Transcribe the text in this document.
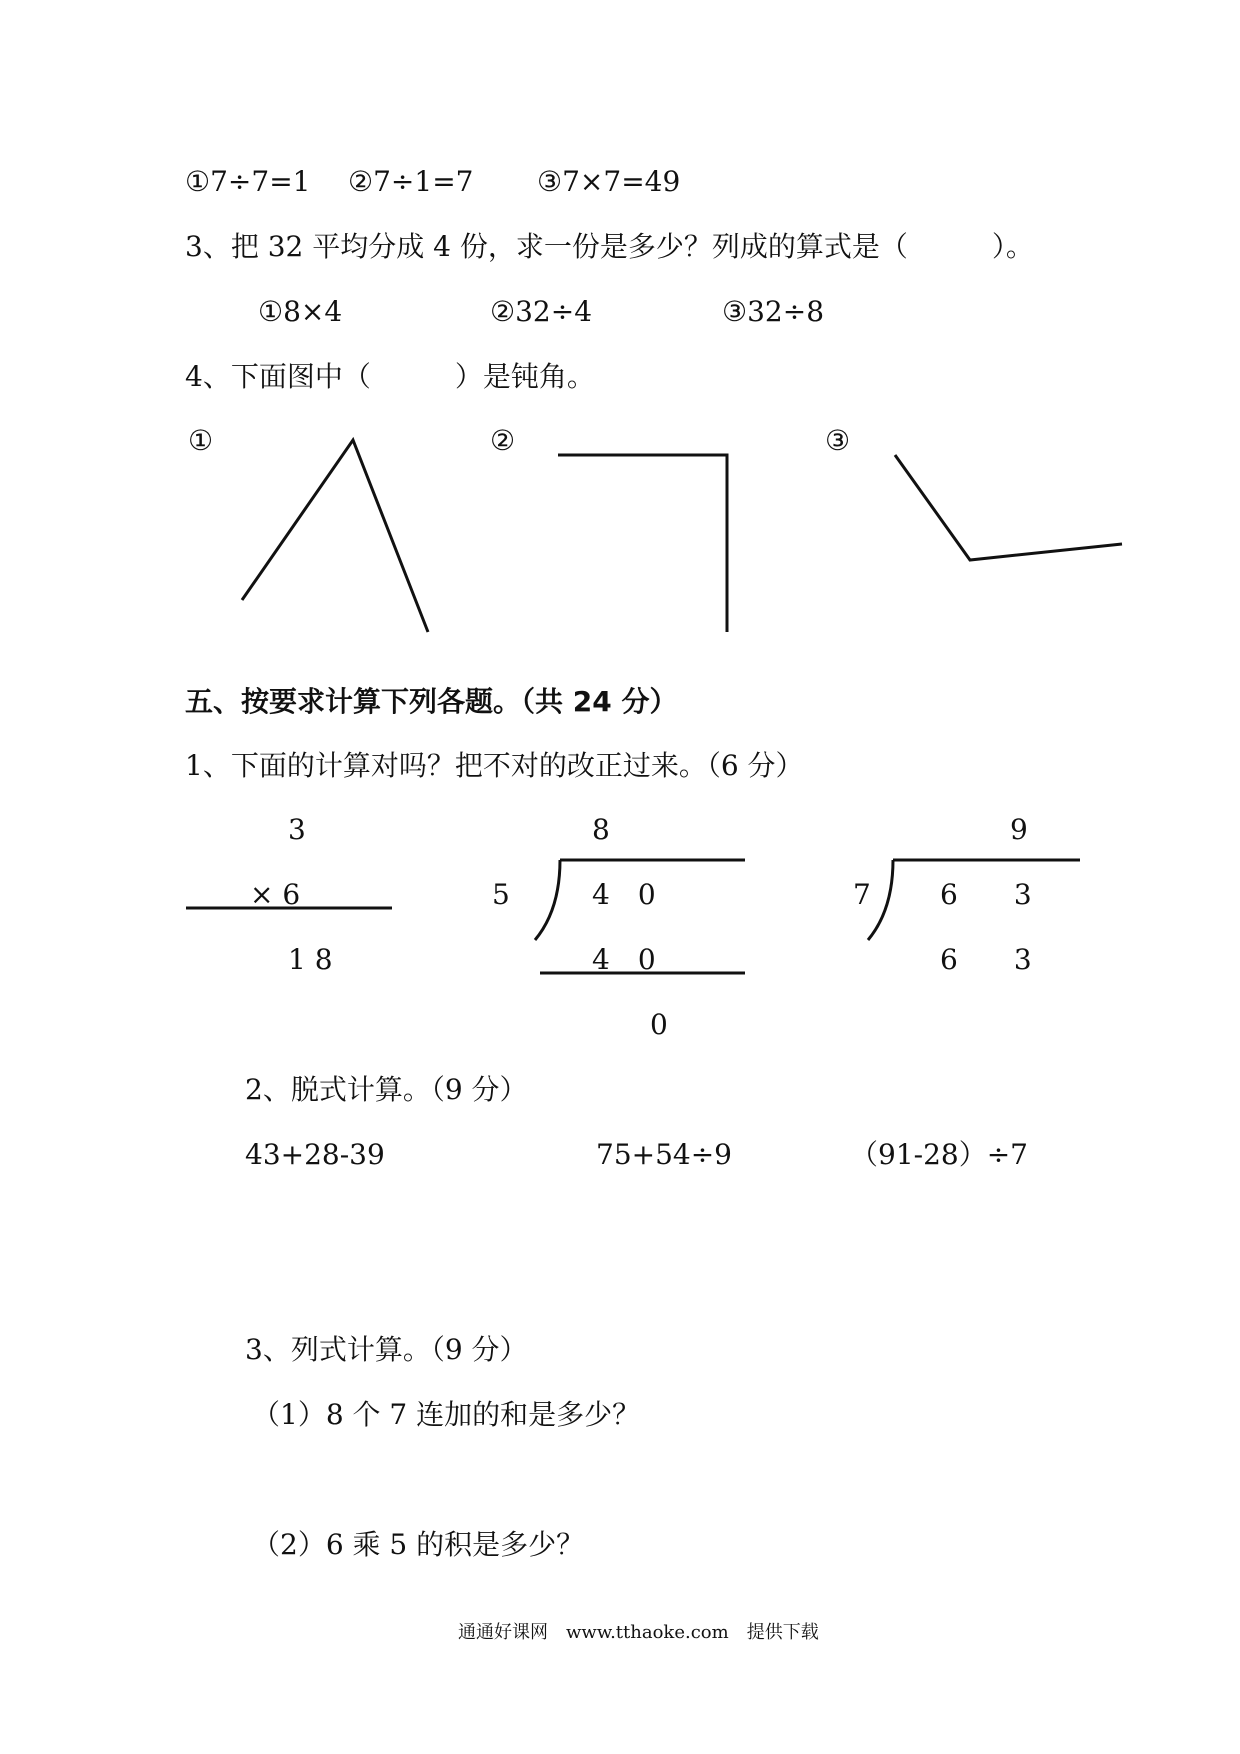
①7÷7=1 ②7÷1=7 ③7×7=49
3、把 32 平均分成 4 份，求一份是多少？列成的算式是（　　　）。
①8×4	②32÷4	③32÷8
4、下面图中（　　　）是钝角。
①	②	③
五、按要求计算下列各题。（共 24 分）
1、下面的计算对吗？把不对的改正过来。（6 分）
3
× 6
1 8
8
5	4　0
4　0
0
9
7 6　　3
6　　3
2、脱式计算。（9 分）
43+28-39	75+54÷9	（91-28）÷7
3、列式计算。（9 分）
（1）8 个 7 连加的和是多少？
（2）6 乘 5 的积是多少？
通通好课网　www.tthaoke.com　提供下载
